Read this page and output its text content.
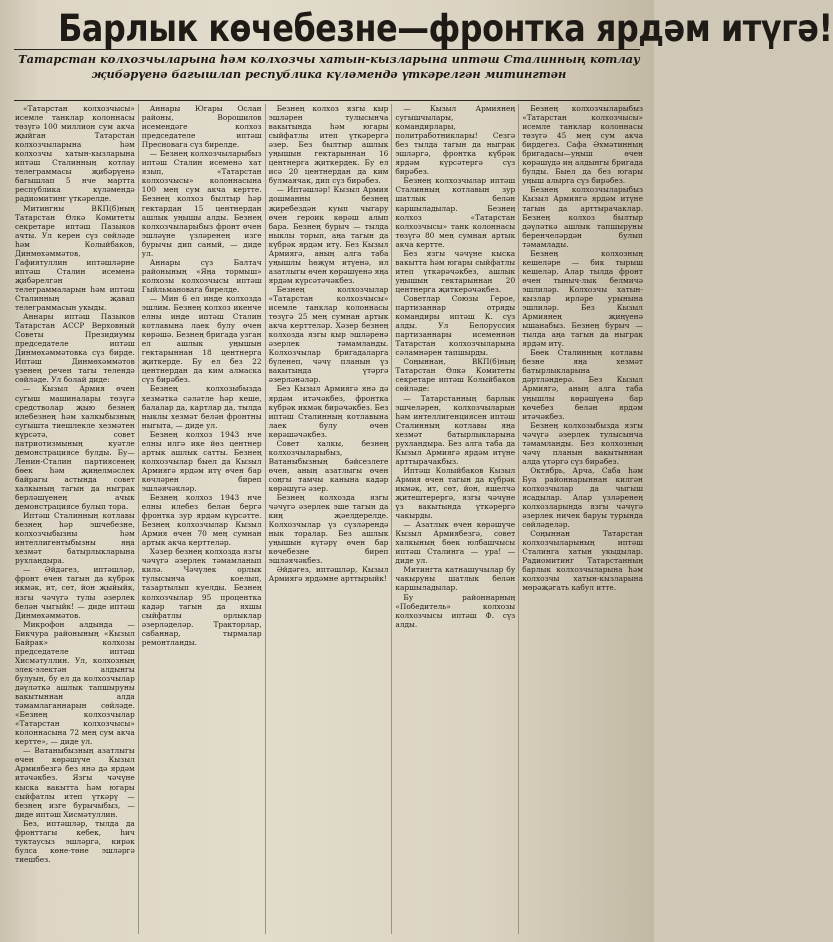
Барлык көчебезне—фронтка ярдәм итүгә!
Татарстан колхозчыларына һәм колхозчы хатын-кызларына иптәш Сталинның котлау җибәрүенә багышлап республика күләмендә үткәрелгән митингтән

«Татарстан колхозчысы» исемле танклар колоннасы төзүгә 100 миллион сум акча җыйган Татарстан колхозчыларына һәм колхозчы хатын-кызларына иптәш Сталинның котлау телеграммасы җибәрүенә багышлап 5 нче мартта республика күләмендә радиомитинг үткәрелде.

Митингны ВКП(б)ның Татарстан Өлкә Комитеты секретаре иптәш Пазыков ачты. Ул керен сүз сөйләде һәм Колыйбаков, Динмөхәммәтов, Гафиятуллин иптәшләрне иптәш Сталин исеменә җибәрелгән телеграммаларын һәм иптәш Сталинның җавап телеграммасын укыды.

Аннары иптәш Пазыков Татарстан АССР Верховный Советы Президиумы председателе иптәш Динмөхәммәтовка сүз бирде. Иптәш Динмөхәммәтов үзенең речен тагы телендә сөйләде. Ул болай диде:

— Кызыл Армия өчен сугыш машиналары төзүгә средстволар җыю безнең илебезнең һәм халкыбызның сугышта тиешлекле хезмәтен күрсәтә, совет патриотизмының куәтле демонстрациясе булды. Бу—Ленин-Сталин партиясенең бөек һәм җиңелмәслек байрагы астында совет халкының тагын да ныграк берләшүенең ачык демонстрациясе булып тора.

Иптәш Сталинның котлавы безнең һәр эшчебезне, колхозчыбызны һәм интеллигентыбызны яңа хезмәт батырлыкларына рухландыра.

— Әйдәгез, иптәшләр, фронт өчен тагын да күбрәк икмәк, ит, сөт, йон җыйыйк, язгы чәчүгә тулы әзерлек белән чыгыйк! — диде иптәш Динмөхәммәтов.

Микрофон алдында — Бикчура районының «Кызыл Байрак» колхозы председателе иптәш Хисмәтуллин. Ул, колхозның элек-электән алдынгы булуын, бу ел да колхозчылар дәүләткә ашлык тапшыруны вакытыннан алда тәмамлаганнарын сөйләде. «Безнең колхозчылар «Татарстан колхозчысы» колоннасына 72 мең сум акча кертте», — диде ул.

— Ватаныбызның азатлыгы өчен көрәшүче Кызыл Армиябезгә без янә дә ярдәм итәчәкбез. Язгы чәчүне кыска вакытта һәм югары сыйфатлы итеп үткәрү — безнең изге бурычыбыз, — диде иптәш Хисмәтуллин.

Без, иптәшләр, тылда да фронттагы кебек, һич туктаусыз эшләргә, кирәк булса көне-төне эшләргә тиешбез.

Аннары Югары Ослан районы, Ворошилов исемендәге колхоз председателе иптәш Пресновага сүз бирелде.

— Безнең колхозчыларыбыз иптәш Сталин исеменә хат язып, «Татарстан колхозчысы» колоннасына 100 мең сум акча кертте. Безнең колхоз былтыр һәр гектардан 15 центнердан ашлык уңышы алды. Безнең колхозчыларыбыз фронт өчен эшләүне үзләренең изге бурычы дип саный, — диде ул.

Аннары сүз Балтач районының «Яңа тормыш» колхозы колхозчысы иптәш Гыйльмановага бирелде.

— Мин 6 ел инде колхозда эшлим. Безнең колхоз икенче елны инде иптәш Сталин котлавына лаек булу өчен көрәшә. Безнең бригада узган ел ашлык уңышын гектарыннан 18 центнерга җиткерде. Бу ел без 22 центнердан да ким алмаска сүз бирәбез.

Безнең колхозыбызда хезмәткә сәләтле һәр кеше, балалар да, картлар да, тылда ныклы хезмәт белән фронтны ныгыта, — диде ул.

Безнең колхоз 1943 нче елны илгә ике йөз центнер артык ашлык сатты. Безнең колхозчылар быел да Кызыл Армиягә ярдәм итү өчен бар көчләрен биреп эшләячәкләр.

Безнең колхоз 1943 нче елны илебез белән бергә фронтка зур ярдәм күрсәтте. Безнең колхозчылар Кызыл Армия өчен 70 мең сумнан артык акча керттеләр.

Хәзер безнең колхозда язгы чәчүгә әзерлек тәмамланып килә. Чәчүлек орлык тулысынча коелып, тазартылып куелды. Безнең колхозчылар 95 процентка кадәр тагын да яхшы сыйфатлы орлыклар әзерләделәр. Тракторлар, сабаннар, тырмалар ремонтланды.

Безнең колхоз язгы кыр эшләрен тулысынча вакытында һәм югары сыйфатлы итеп үткәрергә әзер. Без былтыр ашлык уңышын гектарыннан 16 центнерга җиткердек. Бу ел исә 20 центнердан да ким булмаячак, дип сүз бирәбез.

— Иптәшләр! Кызыл Армия дошманны безнең җиребездән куып чыгару өчен героик көрәш алып бара. Безнең бурыч — тылда ныклы торып, аңа тагын да күбрәк ярдәм итү. Без Кызыл Армиягә, аның алга таба уңышлы һөҗүм итүенә, ил азатлыгы өчен көрәшүенә яңа ярдәм күрсәтәчәкбез.

Безнең колхозчылар «Татарстан колхозчысы» исемле танклар колоннасы төзүгә 25 мең сумнан артык акча керттеләр. Хәзер безнең колхозда язгы кыр эшләренә әзерлек тәмамланды. Колхозчылар бригадаларга бүленеп, чәчү планын үз вакытында үтәргә әзерләнәләр.

Без Кызыл Армиягә янә дә ярдәм итәчәкбез, фронтка күбрәк икмәк бирәчәкбез. Без иптәш Сталинның котлавына лаек булу өчен көрәшәчәкбез.

Совет халкы, безнең колхозчыларыбыз, Ватаныбызның бәйсезлеге өчен, аның азатлыгы өчен соңгы тамчы канына кадәр көрәшүгә әзер.

Безнең колхозда язгы чәчүгә әзерлек эше тагын да киң җәелдерелде. Колхозчылар үз сүзләрендә нык торалар. Без ашлык уңышын күтәрү өчен бар көчебезне биреп эшләячәкбез.

Әйдәгез, иптәшләр, Кызыл Армиягә ярдәмне арттырыйк!

— Кызыл Армиянең сугышчылары, командирлары, политработниклары! Сезгә без тылда тагын да ныграк эшләргә, фронтка күбрәк ярдәм күрсәтергә сүз бирәбез.

Безнең колхозчылар иптәш Сталинның котлавын зур шатлык белән каршыладылар. Безнең колхоз «Татарстан колхозчысы» танк колоннасы төзүгә 80 мең сумнан артык акча кертте.

Без язгы чәчүне кыска вакытта һәм югары сыйфатлы итеп үткәрәчәкбез, ашлык уңышын гектарыннан 20 центнерга җиткерәчәкбез.

Советлар Союзы Герое, партизаннар отряды командиры иптәш К. сүз алды. Ул Белоруссия партизаннары исеменнән Татарстан колхозчыларына сәламнәрен тапшырды.

Соңыннан, ВКП(б)ның Татарстан Өлкә Комитеты секретаре иптәш Колыйбаков сөйләде:

— Татарстанның барлык эшчеләрен, колхозчыларын һәм интеллигенциясен иптәш Сталинның котлавы яңа хезмәт батырлыкларына рухландыра. Без алга таба да Кызыл Армиягә ярдәм итүне арттырачакбыз.

Иптәш Колыйбаков Кызыл Армия өчен тагын да күбрәк икмәк, ит, сөт, йон, яшелчә җитештерергә, язгы чәчүне үз вакытында үткәрергә чакырды.

— Азатлык өчен көрәшүче Кызыл Армиябезгә, совет халкының бөек юлбашчысы иптәш Сталинга — ура! — диде ул.

Митингта катнашучылар бу чакыруны шатлык белән каршыладылар.

Бу районнарның «Победитель» колхозы колхозчысы иптәш Ф. сүз алды.

Безнең колхозчыларыбыз «Татарстан колхозчысы» исемле танклар колоннасы төзүгә 45 мең сум акча бирдегез. Сафа Әхмәтинның бригадасы—уңыш өчен көрәшүдә иң алдынгы бригада булды. Быел да без югары уңыш алырга сүз бирәбез.

Безнең колхозчыларыбыз Кызыл Армиягә ярдәм итүне тагын да арттырачаклар. Безнең колхоз былтыр дәүләткә ашлык тапшыруны беренчеләрдән булып тәмамлады.

Безнең колхозның кешеләре — бик тырыш кешеләр. Алар тылда фронт өчен тыныч-лык белмичә эшлиләр. Колхозчы хатын-кызлар ирләре урынына эшлиләр. Без Кызыл Армиянең җиңүенә ышанабыз. Безнең бурыч — тылда аңа тагын да ныграк ярдәм итү.

Бөек Сталинның котлавы безне яңа хезмәт батырлыкларына дәртләндерә. Без Кызыл Армиягә, аның алга таба уңышлы көрәшүенә бар көчебез белән ярдәм итәчәкбез.

Безнең колхозыбызда язгы чәчүгә әзерлек тулысынча тәмамланды. Без колхозның чәчү планын вакытыннан алда үтәргә сүз бирәбез.

Октябрь, Арча, Саба һәм Буа районнарыннан килгән колхозчылар да чыгыш ясадылар. Алар үзләренең колхозларында язгы чәчүгә әзерлек ничек баруы турында сөйләделәр.

Соңыннан Татарстан колхозчыларының иптәш Сталинга хатын укыдылар. Радиомитинг Татарстанның барлык колхозчыларына һәм колхозчы хатын-кызларына мөрәҗәгать кабул итте.
